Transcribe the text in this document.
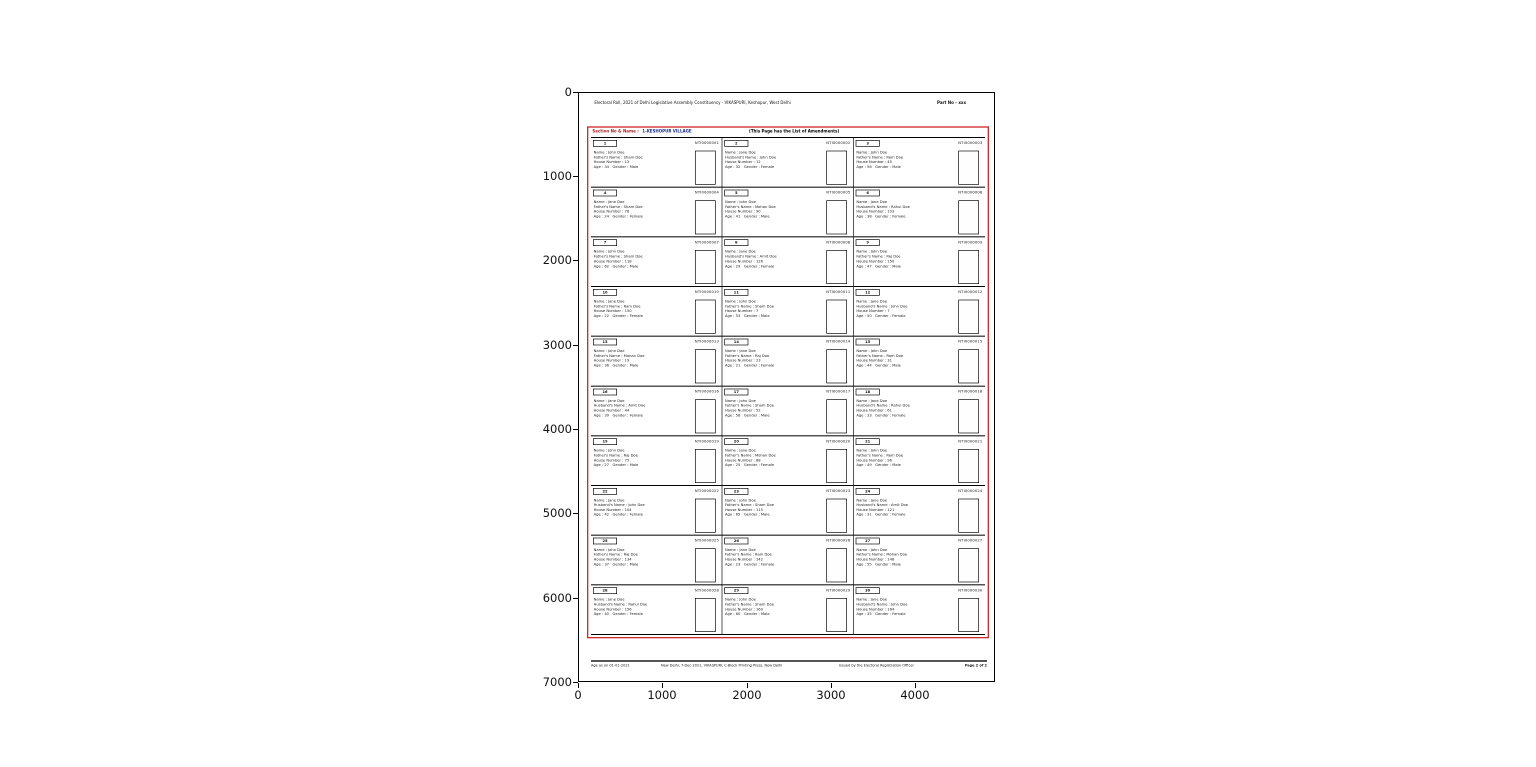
0
1000
2000
3000
4000
5000
6000
7000
0	1000	2000	3000	4000
Electoral Roll, 2021 of Delhi Legislative Assembly Constituency - VIKASPURI, Keshopur, West Delhi	Part No - xxx
Section No & Name : 1-KESHOPUR VILLAGE	(This Page has the List of Amendments)
1	NTI0000001
Name : John Doe
Father's Name : Sham Doe
House Number : 12
Age : 34   Gender : Male
2	NTI0000002
Name : Jane Doe
Husband's Name : John Doe
House Number : 12
Age : 32   Gender : Female
3	NTI0000003
Name : John Doe
Father's Name : Ram Doe
House Number : 45
Age : 56   Gender : Male
4	NTI0000004
Name : Jane Doe
Father's Name : Sham Doe
House Number : 78
Age : 24   Gender : Female
5	NTI0000005
Name : John Doe
Father's Name : Mohan Doe
House Number : 90
Age : 41   Gender : Male
6	NTI0000006
Name : Jane Doe
Husband's Name : Rahul Doe
House Number : 103
Age : 38   Gender : Female
7	NTI0000007
Name : John Doe
Father's Name : Sham Doe
House Number : 118
Age : 62   Gender : Male
8	NTI0000008
Name : Jane Doe
Husband's Name : Amit Doe
House Number : 126
Age : 29   Gender : Female
9	NTI0000009
Name : John Doe
Father's Name : Raj Doe
House Number : 150
Age : 47   Gender : Male
10	NTI0000010
Name : Jane Doe
Father's Name : Ram Doe
House Number : 150
Age : 22   Gender : Female
11	NTI0000011
Name : John Doe
Father's Name : Sham Doe
House Number : 7
Age : 53   Gender : Male
12	NTI0000012
Name : Jane Doe
Husband's Name : John Doe
House Number : 7
Age : 50   Gender : Female
13	NTI0000013
Name : John Doe
Father's Name : Mohan Doe
House Number : 19
Age : 36   Gender : Male
14	NTI0000014
Name : Jane Doe
Father's Name : Raj Doe
House Number : 23
Age : 21   Gender : Female
15	NTI0000015
Name : John Doe
Father's Name : Ram Doe
House Number : 31
Age : 44   Gender : Male
16	NTI0000016
Name : Jane Doe
Husband's Name : Amit Doe
House Number : 44
Age : 39   Gender : Female
17	NTI0000017
Name : John Doe
Father's Name : Sham Doe
House Number : 52
Age : 58   Gender : Male
18	NTI0000018
Name : Jane Doe
Husband's Name : Rahul Doe
House Number : 61
Age : 33   Gender : Female
19	NTI0000019
Name : John Doe
Father's Name : Raj Doe
House Number : 75
Age : 27   Gender : Male
20	NTI0000020
Name : Jane Doe
Father's Name : Mohan Doe
House Number : 88
Age : 25   Gender : Female
21	NTI0000021
Name : John Doe
Father's Name : Ram Doe
House Number : 96
Age : 49   Gender : Male
22	NTI0000022
Name : Jane Doe
Husband's Name : John Doe
House Number : 104
Age : 42   Gender : Female
23	NTI0000023
Name : John Doe
Father's Name : Sham Doe
House Number : 115
Age : 65   Gender : Male
24	NTI0000024
Name : Jane Doe
Husband's Name : Amit Doe
House Number : 121
Age : 31   Gender : Female
25	NTI0000025
Name : John Doe
Father's Name : Raj Doe
House Number : 134
Age : 37   Gender : Male
26	NTI0000026
Name : Jane Doe
Father's Name : Ram Doe
House Number : 142
Age : 23   Gender : Female
27	NTI0000027
Name : John Doe
Father's Name : Mohan Doe
House Number : 148
Age : 55   Gender : Male
28	NTI0000028
Name : Jane Doe
Husband's Name : Rahul Doe
House Number : 156
Age : 40   Gender : Female
29	NTI0000029
Name : John Doe
Father's Name : Sham Doe
House Number : 160
Age : 60   Gender : Male
30	NTI0000030
Name : Jane Doe
Husband's Name : John Doe
House Number : 164
Age : 35   Gender : Female
Age as on 01-01-2021	New Delhi, 7-Dec-2021, VIKASPURI, C-Block Printing Press, New Delhi	Issued by the Electoral Registration Officer	Page 2 of 2
